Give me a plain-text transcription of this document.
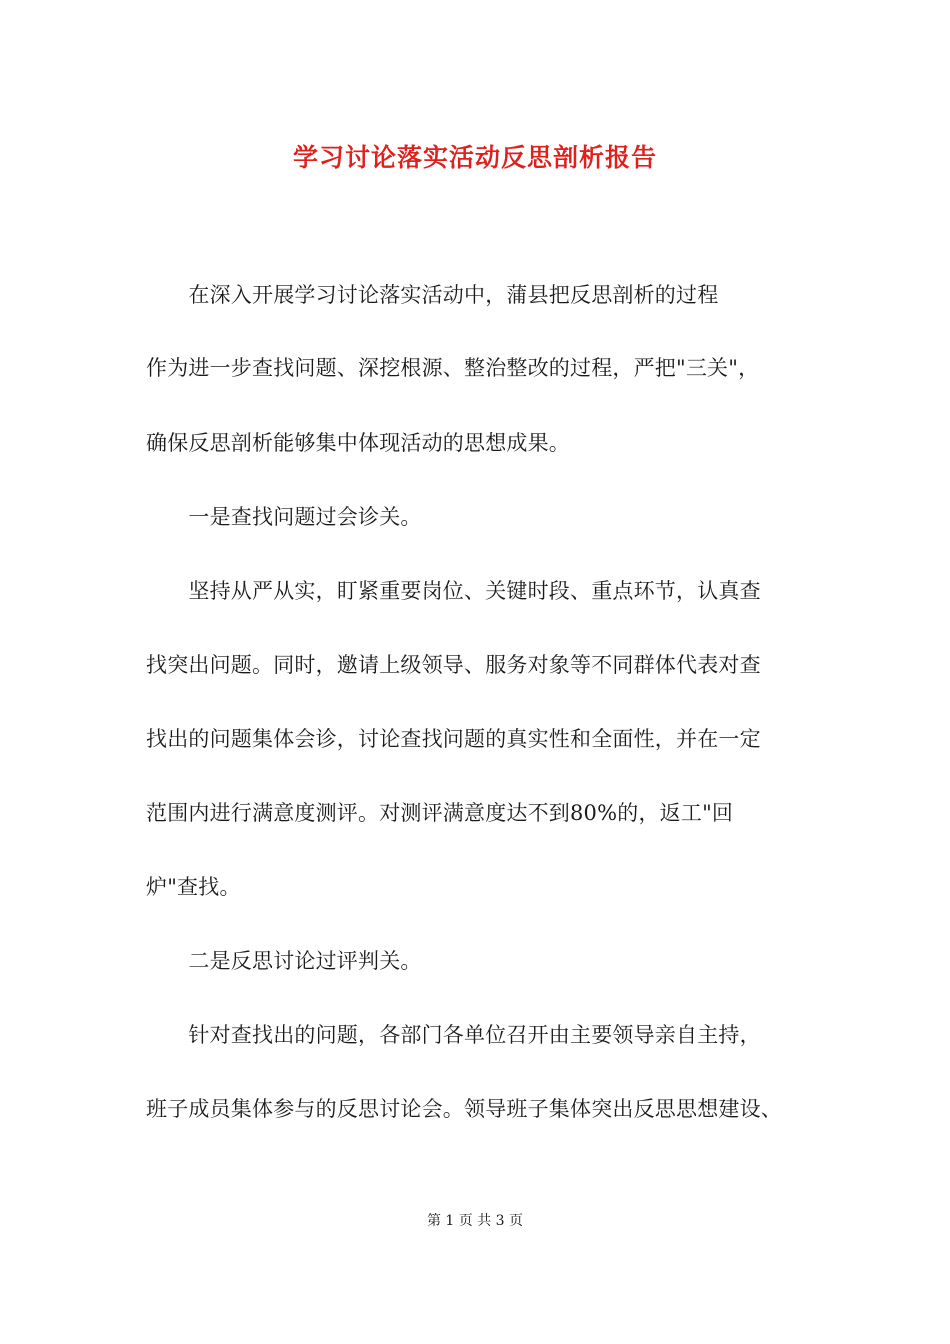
学习讨论落实活动反思剖析报告
　　在深入开展学习讨论落实活动中，蒲县把反思剖析的过程
作为进一步查找问题、深挖根源、整治整改的过程，严把"三关"，
确保反思剖析能够集中体现活动的思想成果。
　　一是查找问题过会诊关。
　　坚持从严从实，盯紧重要岗位、关键时段、重点环节，认真查
找突出问题。同时，邀请上级领导、服务对象等不同群体代表对查
找出的问题集体会诊，讨论查找问题的真实性和全面性，并在一定
范围内进行满意度测评。对测评满意度达不到80%的，返工"回
炉"查找。
　　二是反思讨论过评判关。
　　针对查找出的问题，各部门各单位召开由主要领导亲自主持，
班子成员集体参与的反思讨论会。领导班子集体突出反思思想建设、
第 1 页 共 3 页
